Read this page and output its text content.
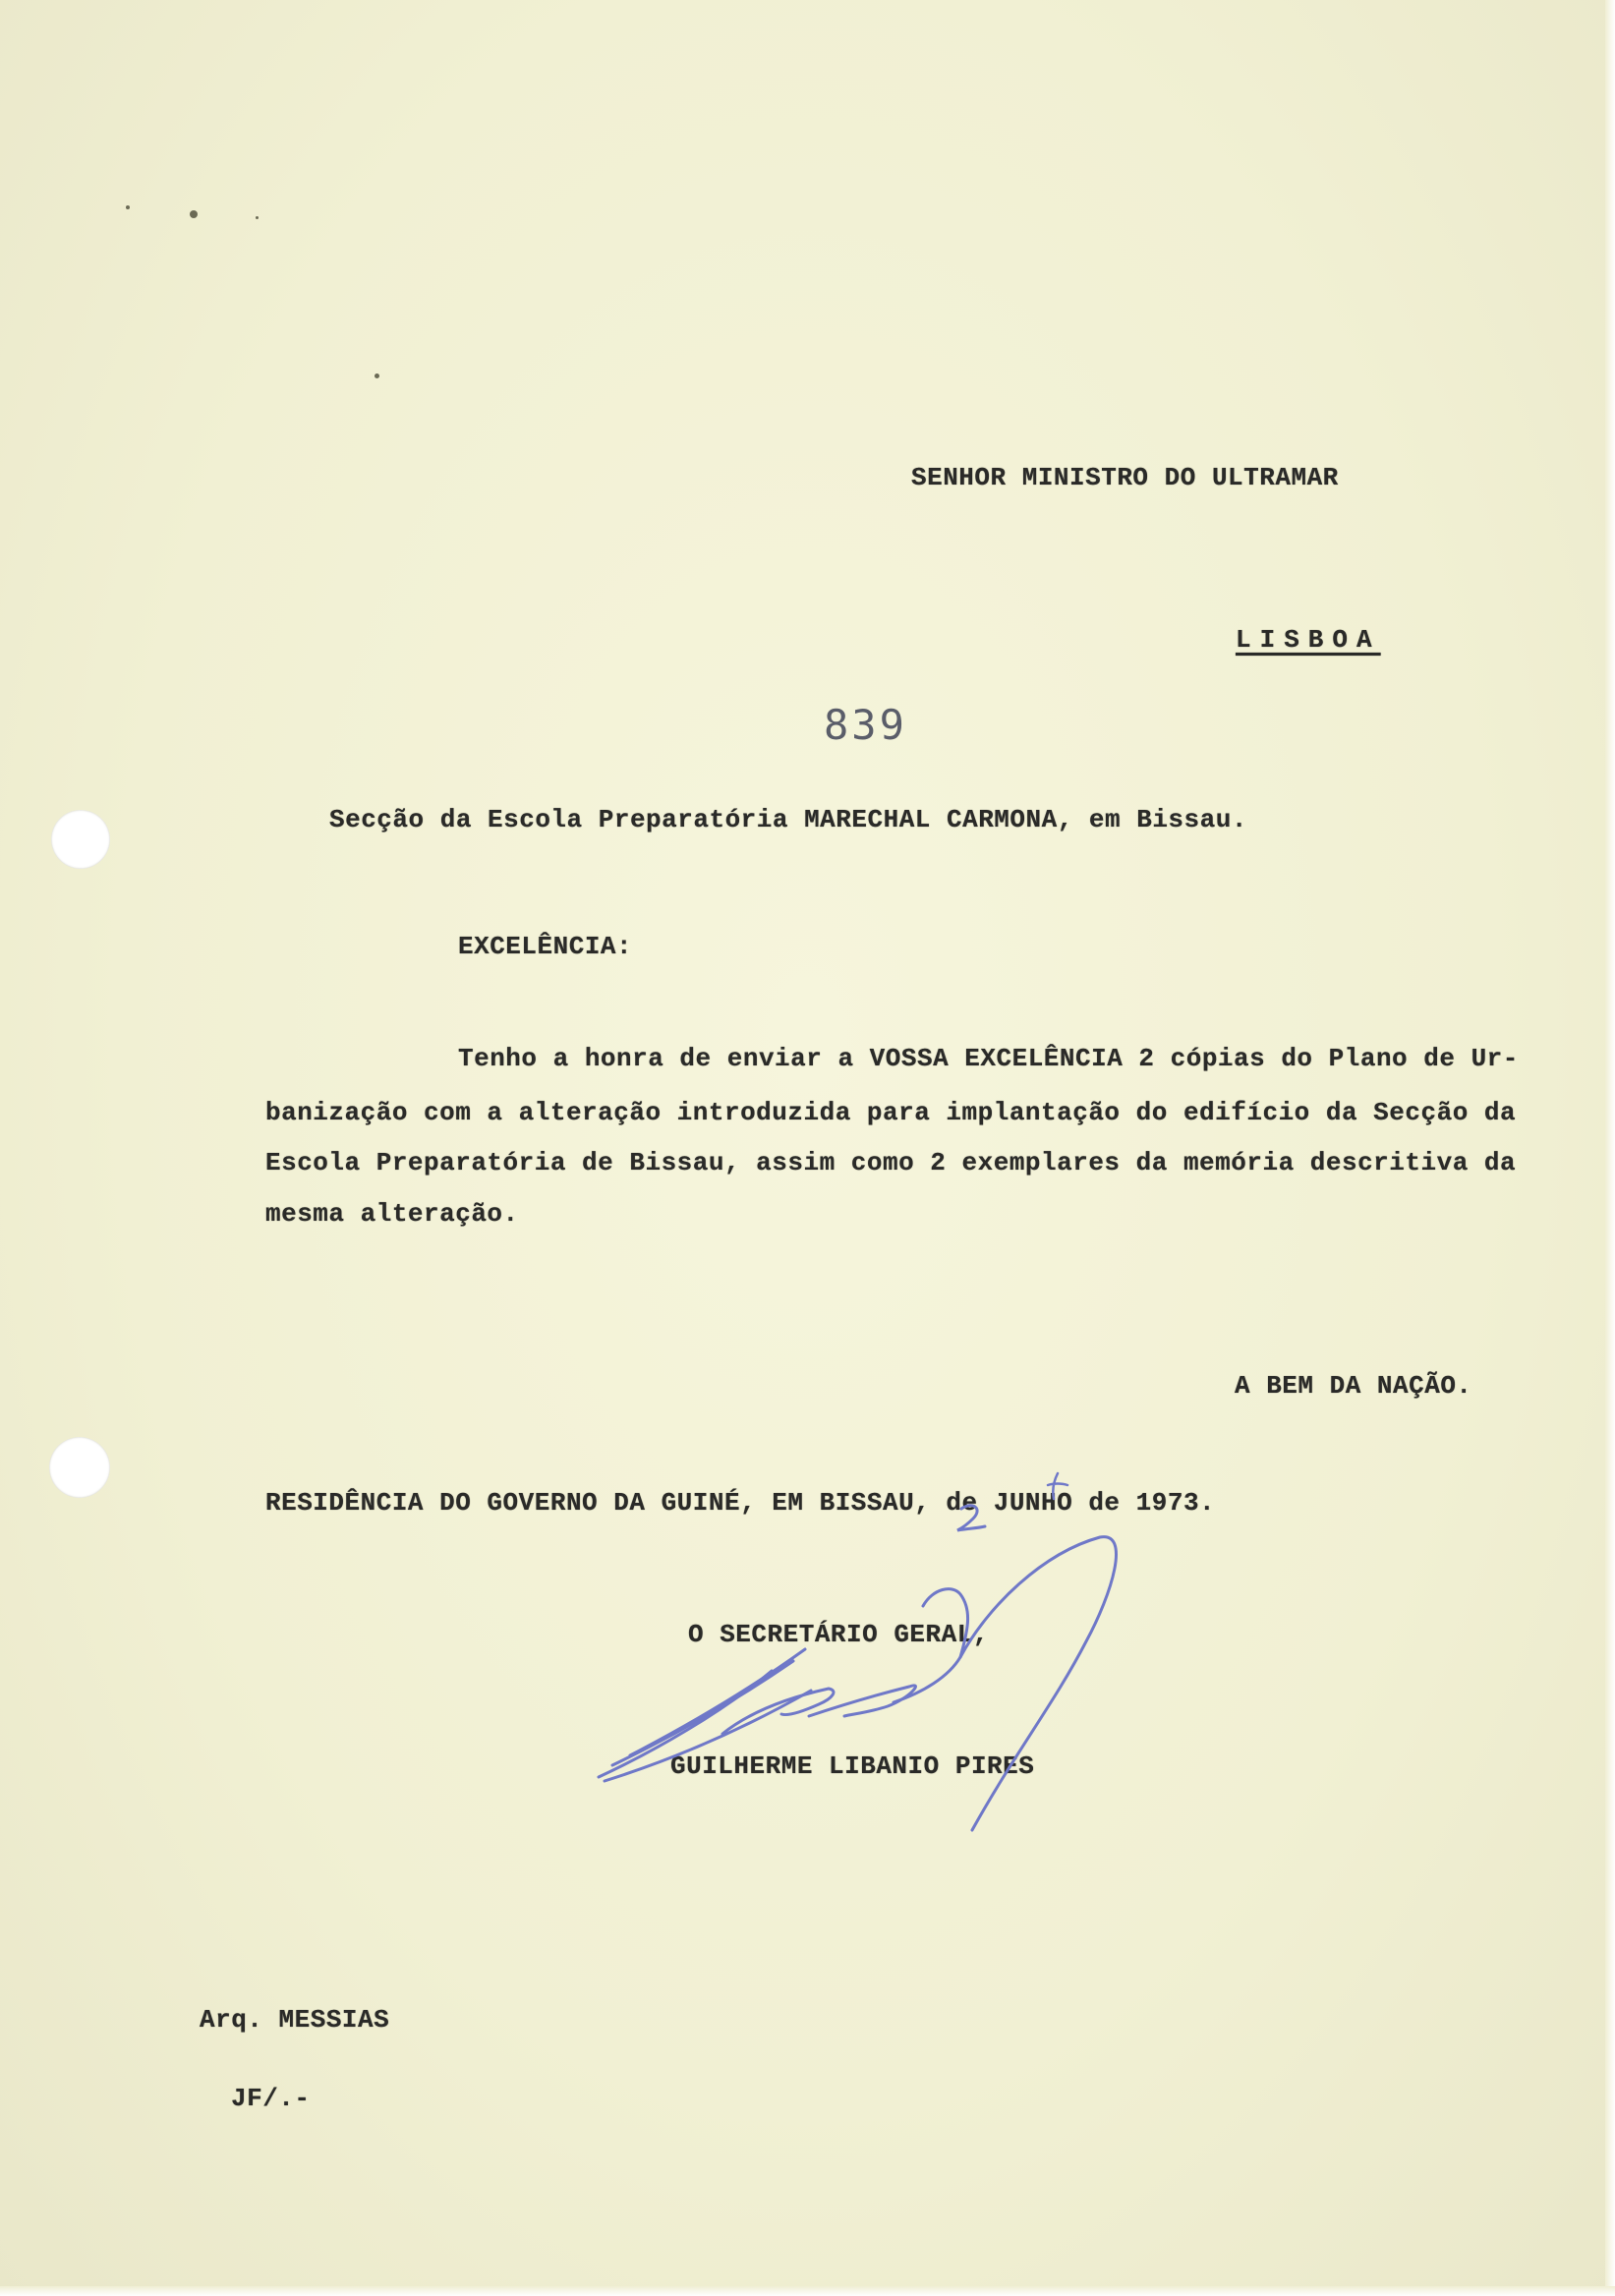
SENHOR MINISTRO DO ULTRAMAR
LISBOA
839
Secção da Escola Preparatória MARECHAL CARMONA, em Bissau.
EXCELÊNCIA:
Tenho a honra de enviar a VOSSA EXCELÊNCIA 2 cópias do Plano de Ur-
banização com a alteração introduzida para implantação do edifício da Secção da
Escola Preparatória de Bissau, assim como 2 exemplares da memória descritiva da
mesma alteração.
A BEM DA NAÇÃO.
RESIDÊNCIA DO GOVERNO DA GUINÉ, EM BISSAU, de JUNHO de 1973.
O SECRETÁRIO GERAL,
GUILHERME LIBANIO PIRES
Arq. MESSIAS
JF/.-
